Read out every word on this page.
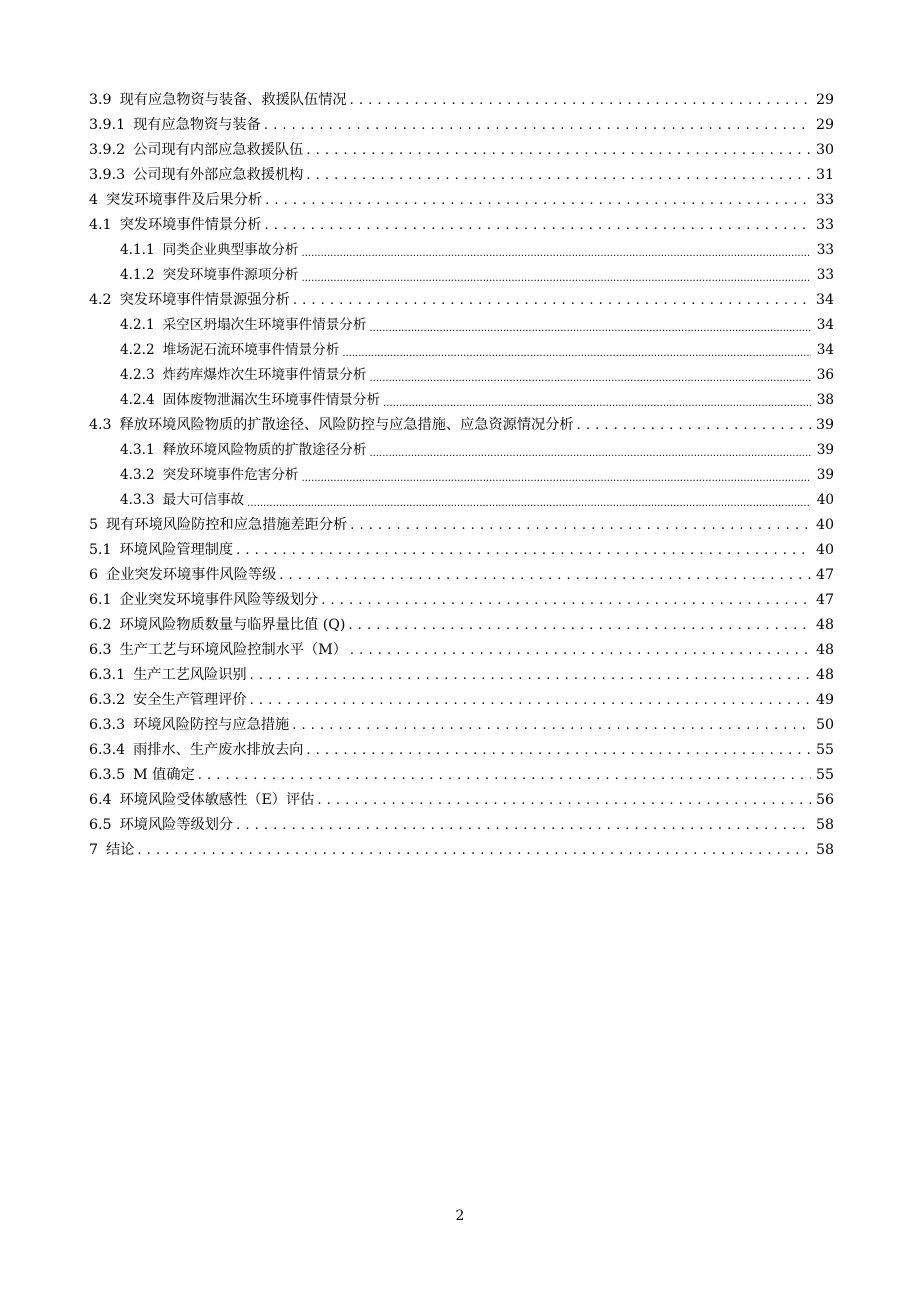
3.9 现有应急物资与装备、救援队伍情况 . . .	29
3.9.1 现有应急物资与装备 . . .	29
3.9.2 公司现有内部应急救援队伍 . . .	30
3.9.3 公司现有外部应急救援机构 . . .	31
4 突发环境事件及后果分析 . . .	33
4.1 突发环境事件情景分析 . . .	33
4.1.1 同类企业典型事故分析 .....	33
4.1.2 突发环境事件源项分析 .....	33
4.2 突发环境事件情景源强分析 . . .	34
4.2.1 采空区坍塌次生环境事件情景分析 .....	34
4.2.2 堆场泥石流环境事件情景分析 .....	34
4.2.3 炸药库爆炸次生环境事件情景分析 .....	36
4.2.4 固体废物泄漏次生环境事件情景分析 .....	38
4.3 释放环境风险物质的扩散途径、风险防控与应急措施、应急资源情况分析 . . .	39
4.3.1 释放环境风险物质的扩散途径分析 .....	39
4.3.2 突发环境事件危害分析 .....	39
4.3.3 最大可信事故 .....	40
5 现有环境风险防控和应急措施差距分析 . . .	40
5.1 环境风险管理制度 . . .	40
6 企业突发环境事件风险等级 . . .	47
6.1 企业突发环境事件风险等级划分 . . .	47
6.2 环境风险物质数量与临界量比值 (Q) . . .	48
6.3 生产工艺与环境风险控制水平（M） . . .	48
6.3.1 生产工艺风险识别 . . .	48
6.3.2 安全生产管理评价 . . .	49
6.3.3 环境风险防控与应急措施 . . .	50
6.3.4 雨排水、生产废水排放去向 . . .	55
6.3.5 M 值确定 . . .	55
6.4 环境风险受体敏感性（E）评估 . . .	56
6.5 环境风险等级划分 . . .	58
7 结论 . . .	58
2
